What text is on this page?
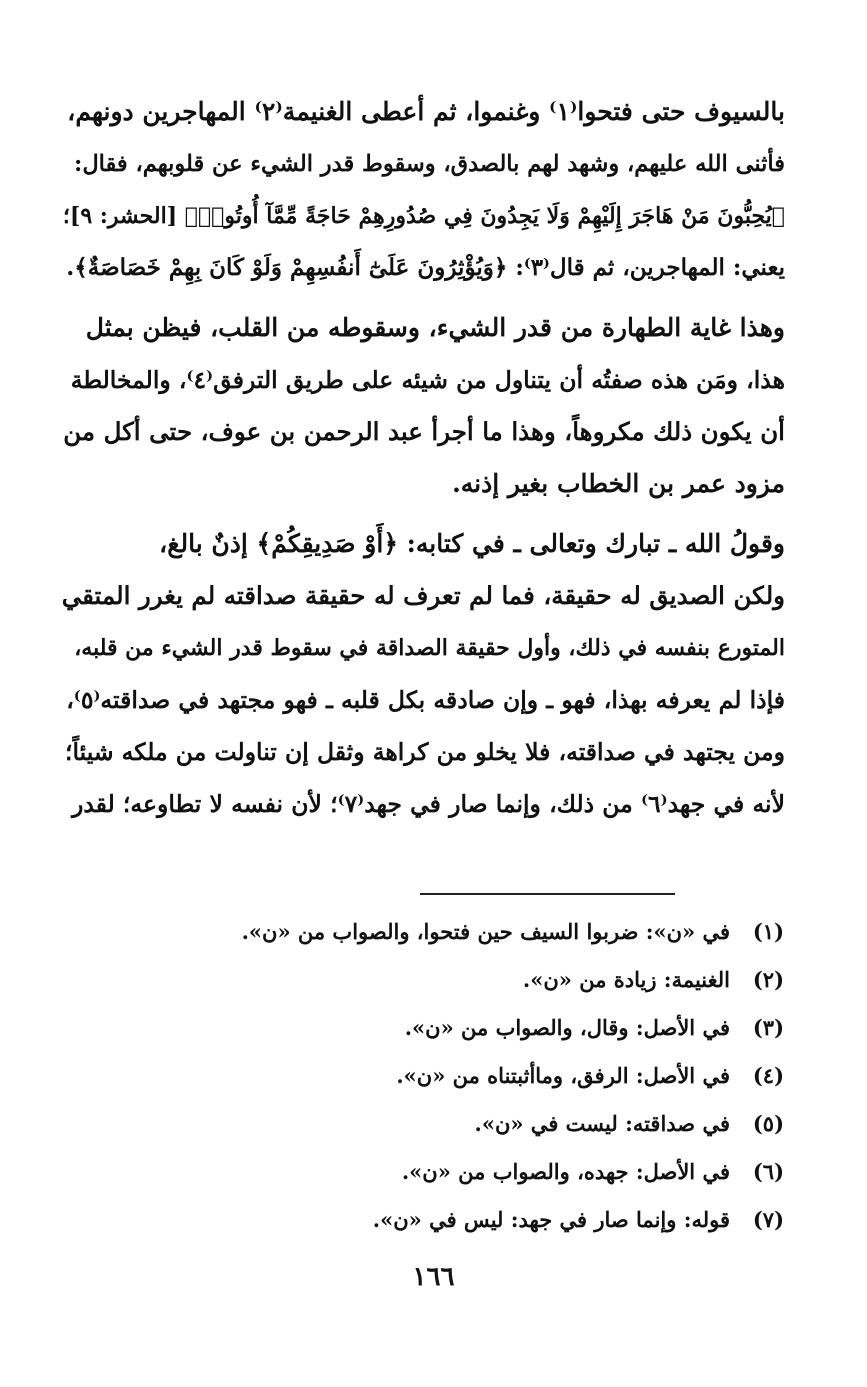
بالسيوف حتى فتحوا⁽١⁾ وغنموا، ثم أعطى الغنيمة⁽٢⁾ المهاجرين دونهم،
فأثنى الله عليهم، وشهد لهم بالصدق، وسقوط قدر الشيء عن قلوبهم، فقال:
﴿يُحِبُّونَ مَنْ هَاجَرَ إِلَيْهِمْ وَلَا يَجِدُونَ فِي صُدُورِهِمْ حَاجَةً مِّمَّآ أُوتُوا۟﴾ [الحشر: ٩]؛
يعني: المهاجرين، ثم قال⁽٣⁾: ﴿وَيُؤْثِرُونَ عَلَىٰٓ أَنفُسِهِمْ وَلَوْ كَانَ بِهِمْ خَصَاصَةٌ﴾.

وهذا غاية الطهارة من قدر الشيء، وسقوطه من القلب، فيظن بمثل
هذا، ومَن هذه صفتُه أن يتناول من شيئه على طريق الترفق⁽٤⁾، والمخالطة
أن يكون ذلك مكروهاً، وهذا ما أجرأ عبد الرحمن بن عوف، حتى أكل من
مزود عمر بن الخطاب بغير إذنه.

وقولُ الله ـ تبارك وتعالى ـ في كتابه: ﴿أَوْ صَدِيقِكُمْ﴾ إذنٌ بالغ،
ولكن الصديق له حقيقة، فما لم تعرف له حقيقة صداقته لم يغرر المتقي
المتورع بنفسه في ذلك، وأول حقيقة الصداقة في سقوط قدر الشيء من قلبه،
فإذا لم يعرفه بهذا، فهو ـ وإن صادقه بكل قلبه ـ فهو مجتهد في صداقته⁽٥⁾،
ومن يجتهد في صداقته، فلا يخلو من كراهة وثقل إن تناولت من ملكه شيئاً؛
لأنه في جهد⁽٦⁾ من ذلك، وإنما صار في جهد⁽٧⁾؛ لأن نفسه لا تطاوعه؛ لقدر

(١)
في «ن»: ضربوا السيف حين فتحوا، والصواب من «ن».
(٢)
الغنيمة: زيادة من «ن».
(٣)
في الأصل: وقال، والصواب من «ن».
(٤)
في الأصل: الرفق، وماأثبتناه من «ن».
(٥)
في صداقته: ليست في «ن».
(٦)
في الأصل: جهده، والصواب من «ن».
(٧)
قوله: وإنما صار في جهد: ليس في «ن».
١٦٦
